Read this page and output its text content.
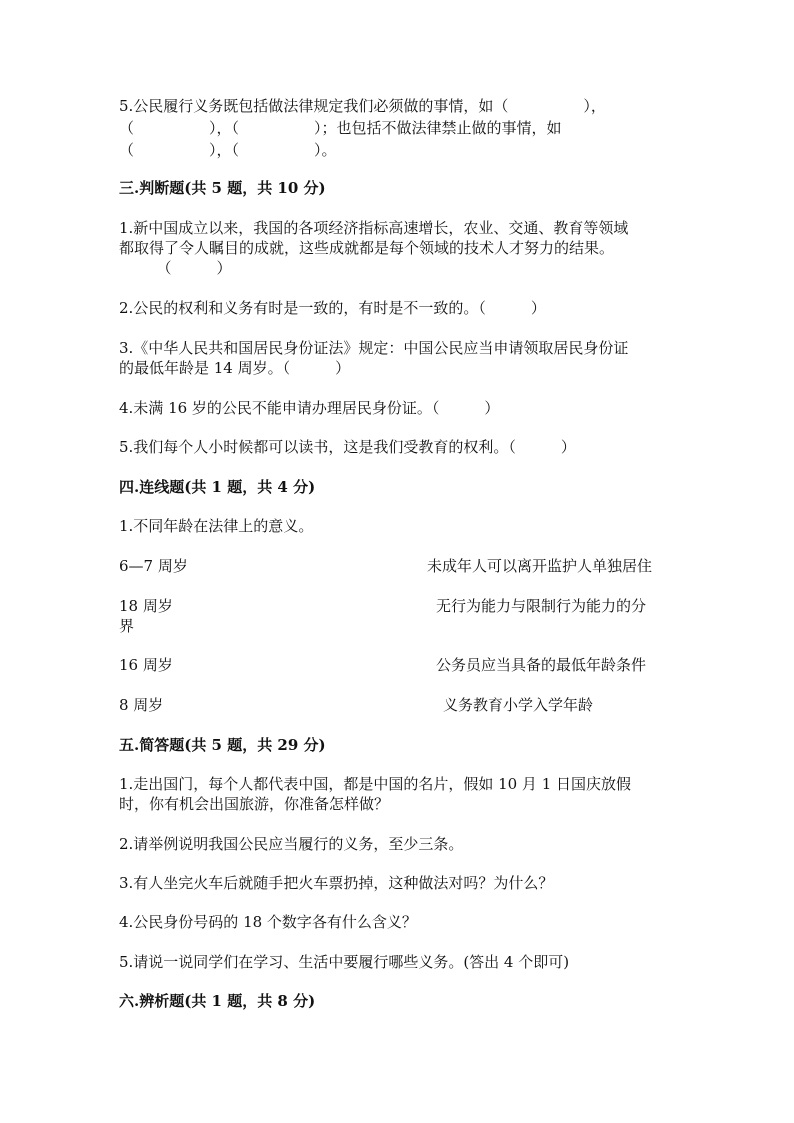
5.公民履行义务既包括做法律规定我们必须做的事情，如（　　　　　），
（　　　　　），（　　　　　）；也包括不做法律禁止做的事情，如
（　　　　　），（　　　　　）。
三.判断题(共 5 题，共 10 分)
1.新中国成立以来，我国的各项经济指标高速增长，农业、交通、教育等领域
都取得了令人瞩目的成就，这些成就都是每个领域的技术人才努力的结果。
　　　（　　　）
2.公民的权利和义务有时是一致的，有时是不一致的。（　　　）
3.《中华人民共和国居民身份证法》规定：中国公民应当申请领取居民身份证
的最低年龄是 14 周岁。（　　　）
4.未满 16 岁的公民不能申请办理居民身份证。（　　　）
5.我们每个人小时候都可以读书，这是我们受教育的权利。（　　　）
四.连线题(共 1 题，共 4 分)
1.不同年龄在法律上的意义。
6—7 周岁	未成年人可以离开监护人单独居住
18 周岁	无行为能力与限制行为能力的分
界
16 周岁	公务员应当具备的最低年龄条件
8 周岁	义务教育小学入学年龄
五.简答题(共 5 题，共 29 分)
1.走出国门，每个人都代表中国，都是中国的名片，假如 10 月 1 日国庆放假
时，你有机会出国旅游，你准备怎样做？
2.请举例说明我国公民应当履行的义务，至少三条。
3.有人坐完火车后就随手把火车票扔掉，这种做法对吗？为什么？
4.公民身份号码的 18 个数字各有什么含义？
5.请说一说同学们在学习、生活中要履行哪些义务。(答出 4 个即可)
六.辨析题(共 1 题，共 8 分)
